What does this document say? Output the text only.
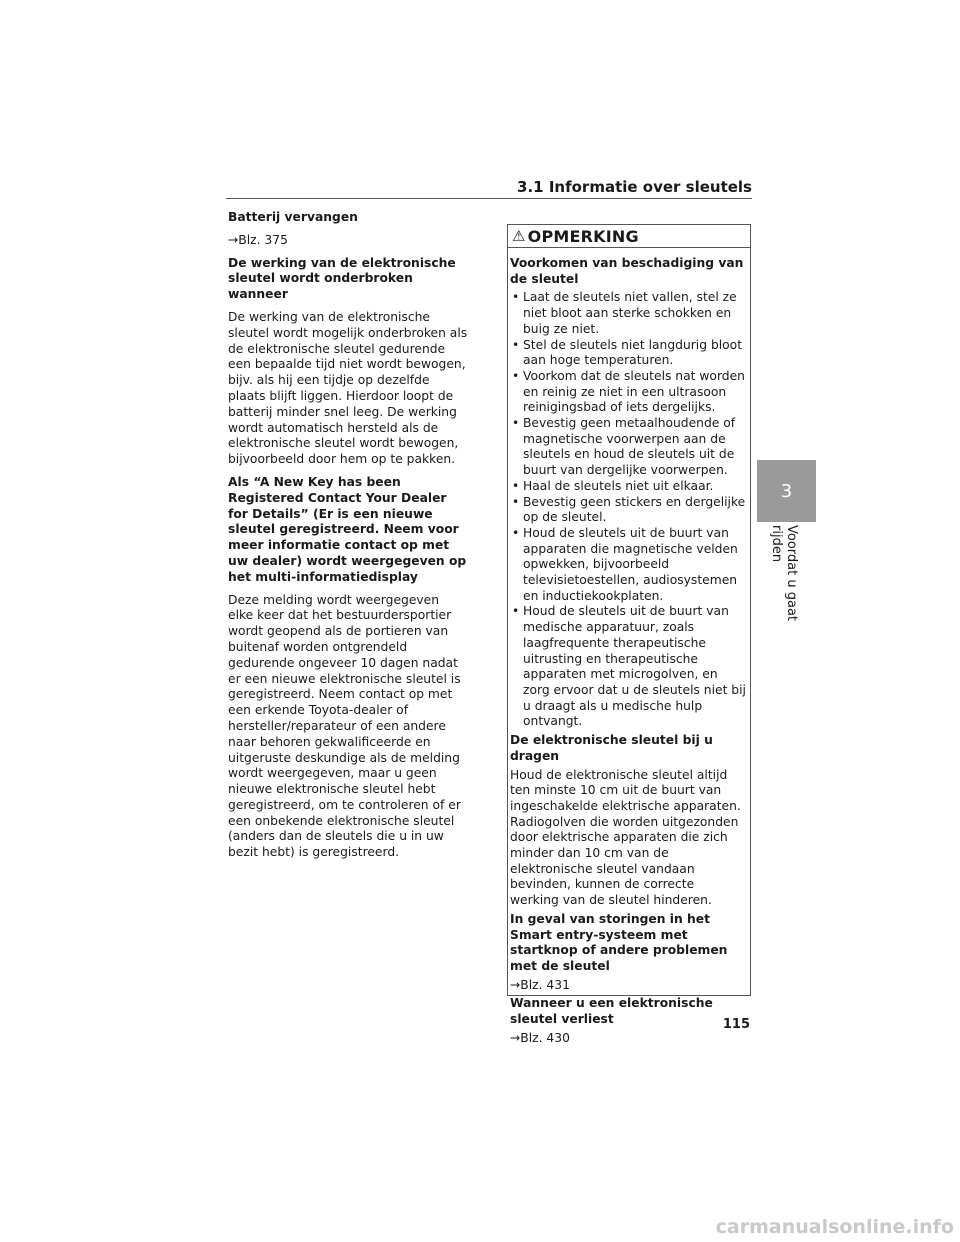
3.1 Informatie over sleutels

Batterij vervangen

→Blz. 375

De werking van de elektronische sleutel wordt onderbroken wanneer

De werking van de elektronische sleutel wordt mogelijk onderbroken als de elektronische sleutel gedurende een bepaalde tijd niet wordt bewogen, bijv. als hij een tijdje op dezelfde plaats blijft liggen. Hierdoor loopt de batterij minder snel leeg. De werking wordt automatisch hersteld als de elektronische sleutel wordt bewogen, bijvoorbeeld door hem op te pakken.

Als “A New Key has been Registered Contact Your Dealer for Details” (Er is een nieuwe sleutel geregistreerd. Neem voor meer informatie contact op met uw dealer) wordt weergegeven op het multi-informatiedisplay

Deze melding wordt weergegeven elke keer dat het bestuurdersportier wordt geopend als de portieren van buitenaf worden ontgrendeld gedurende ongeveer 10 dagen nadat er een nieuwe elektronische sleutel is geregistreerd. Neem contact op met een erkende Toyota-dealer of hersteller/reparateur of een andere naar behoren gekwalificeerde en uitgeruste deskundige als de melding wordt weergegeven, maar u geen nieuwe elektronische sleutel hebt geregistreerd, om te controleren of er een onbekende elektronische sleutel (anders dan de sleutels die u in uw bezit hebt) is geregistreerd.

⚠ OPMERKING

Voorkomen van beschadiging van de sleutel

• Laat de sleutels niet vallen, stel ze niet bloot aan sterke schokken en buig ze niet.
• Stel de sleutels niet langdurig bloot aan hoge temperaturen.
• Voorkom dat de sleutels nat worden en reinig ze niet in een ultrasoon reinigingsbad of iets dergelijks.
• Bevestig geen metaalhoudende of magnetische voorwerpen aan de sleutels en houd de sleutels uit de buurt van dergelijke voorwerpen.
• Haal de sleutels niet uit elkaar.
• Bevestig geen stickers en dergelijke op de sleutel.
• Houd de sleutels uit de buurt van apparaten die magnetische velden opwekken, bijvoorbeeld televisietoestellen, audiosystemen en inductiekookplaten.
• Houd de sleutels uit de buurt van medische apparatuur, zoals laagfrequente therapeutische uitrusting en therapeutische apparaten met microgolven, en zorg ervoor dat u de sleutels niet bij u draagt als u medische hulp ontvangt.

De elektronische sleutel bij u dragen

Houd de elektronische sleutel altijd ten minste 10 cm uit de buurt van ingeschakelde elektrische apparaten. Radiogolven die worden uitgezonden door elektrische apparaten die zich minder dan 10 cm van de elektronische sleutel vandaan bevinden, kunnen de correcte werking van de sleutel hinderen.

In geval van storingen in het Smart entry-systeem met startknop of andere problemen met de sleutel

→Blz. 431

Wanneer u een elektronische sleutel verliest

→Blz. 430

3
Voordat u gaat rijden
115
carmanualsonline.info
